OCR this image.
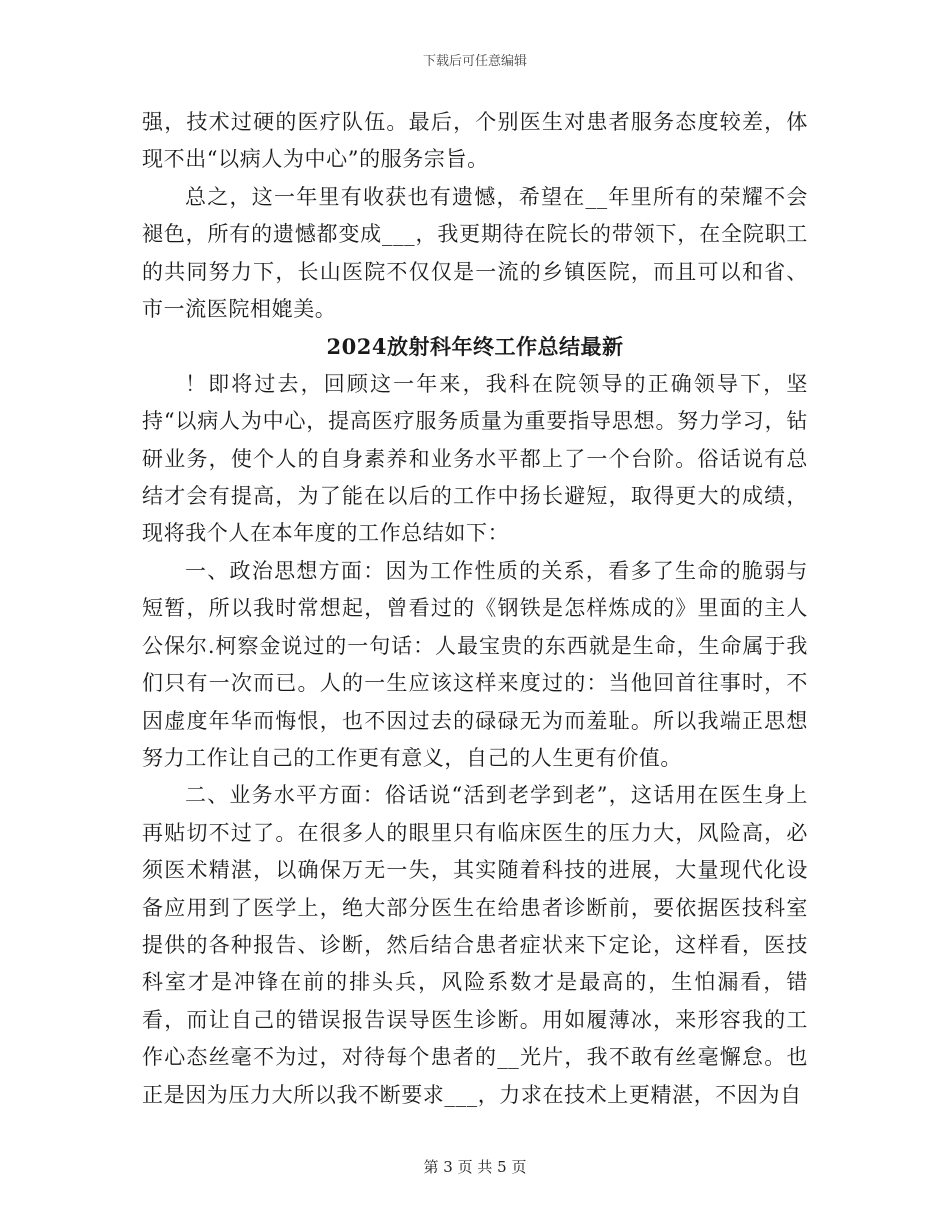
下载后可任意编辑

强，技术过硬的医疗队伍。最后，个别医生对患者服务态度较差，体现不出“以病人为中心”的服务宗旨。

总之，这一年里有收获也有遗憾，希望在__年里所有的荣耀不会褪色，所有的遗憾都变成___，我更期待在院长的带领下，在全院职工的共同努力下，长山医院不仅仅是一流的乡镇医院，而且可以和省、市一流医院相媲美。

2024放射科年终工作总结最新

！即将过去，回顾这一年来，我科在院领导的正确领导下，坚持“以病人为中心，提高医疗服务质量为重要指导思想。努力学习，钻研业务，使个人的自身素养和业务水平都上了一个台阶。俗话说有总结才会有提高，为了能在以后的工作中扬长避短，取得更大的成绩，现将我个人在本年度的工作总结如下：

一、政治思想方面：因为工作性质的关系，看多了生命的脆弱与短暂，所以我时常想起，曾看过的《钢铁是怎样炼成的》里面的主人公保尔.柯察金说过的一句话：人最宝贵的东西就是生命，生命属于我们只有一次而已。人的一生应该这样来度过的：当他回首往事时，不因虚度年华而悔恨，也不因过去的碌碌无为而羞耻。所以我端正思想努力工作让自己的工作更有意义，自己的人生更有价值。

二、业务水平方面：俗话说“活到老学到老”，这话用在医生身上再贴切不过了。在很多人的眼里只有临床医生的压力大，风险高，必须医术精湛，以确保万无一失，其实随着科技的进展，大量现代化设备应用到了医学上，绝大部分医生在给患者诊断前，要依据医技科室提供的各种报告、诊断，然后结合患者症状来下定论，这样看，医技科室才是冲锋在前的排头兵，风险系数才是最高的，生怕漏看，错看，而让自己的错误报告误导医生诊断。用如履薄冰，来形容我的工作心态丝毫不为过，对待每个患者的__光片，我不敢有丝毫懈怠。也正是因为压力大所以我不断要求___，力求在技术上更精湛，不因为自

第 3 页 共 5 页
